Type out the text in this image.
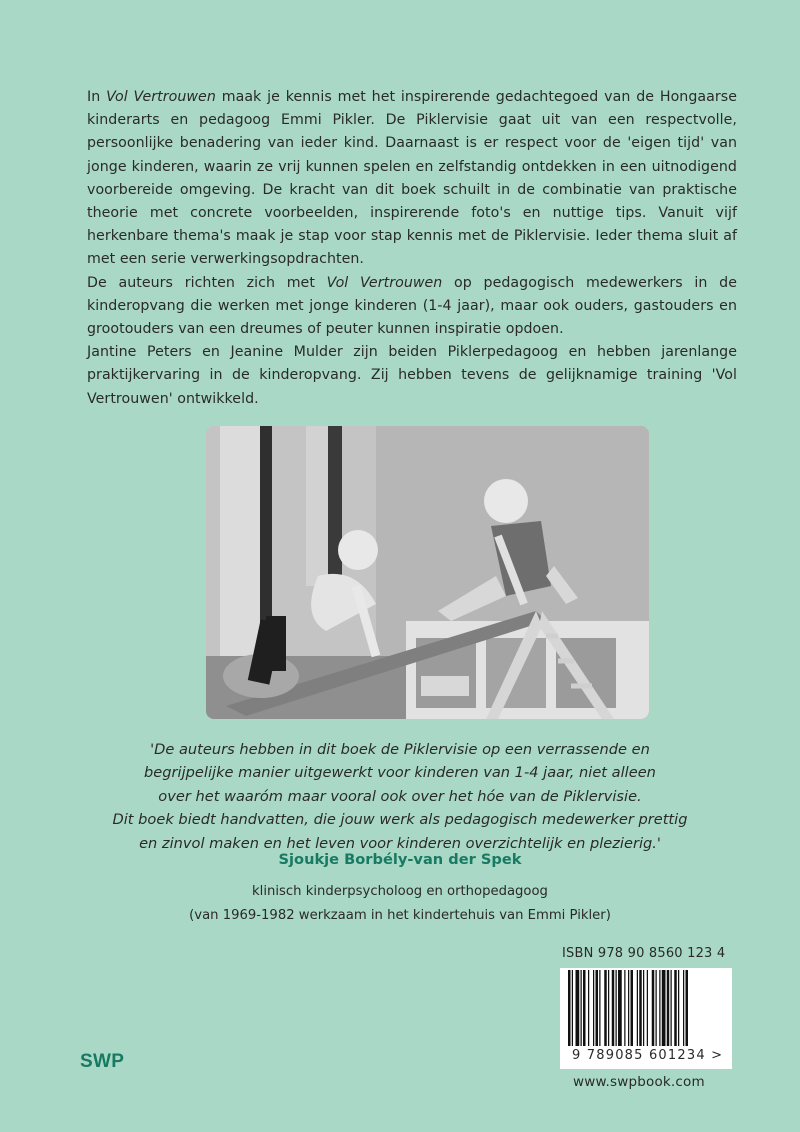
In Vol Vertrouwen maak je kennis met het inspirerende gedachtegoed van de Hongaarse kinderarts en pedagoog Emmi Pikler. De Piklervisie gaat uit van een respectvolle, persoonlijke benadering van ieder kind. Daarnaast is er respect voor de 'eigen tijd' van jonge kinderen, waarin ze vrij kunnen spelen en zelfstandig ontdekken in een uitnodigend voorbereide omgeving. De kracht van dit boek schuilt in de combinatie van praktische theorie met concrete voorbeelden, inspirerende foto's en nuttige tips. Vanuit vijf herkenbare thema's maak je stap voor stap kennis met de Piklervisie. Ieder thema sluit af met een serie verwerkingsopdrachten.

De auteurs richten zich met Vol Vertrouwen op pedagogisch medewerkers in de kinderopvang die werken met jonge kinderen (1-4 jaar), maar ook ouders, gastouders en grootouders van een dreumes of peuter kunnen inspiratie opdoen.

Jantine Peters en Jeanine Mulder zijn beiden Piklerpedagoog en hebben jarenlange praktijkervaring in de kinderopvang. Zij hebben tevens de gelijknamige training 'Vol Vertrouwen' ontwikkeld.

'De auteurs hebben in dit boek de Piklervisie op een verrassende en

begrijpelijke manier uitgewerkt voor kinderen van 1-4 jaar, niet alleen

over het waaróm maar vooral ook over het hóe van de Piklervisie.

Dit boek biedt handvatten, die jouw werk als pedagogisch medewerker prettig

en zinvol maken en het leven voor kinderen overzichtelijk en plezierig.'

Sjoukje Borbély-van der Spek

klinisch kinderpsycholoog en orthopedagoog

(van 1969-1982 werkzaam in het kindertehuis van Emmi Pikler)

ISBN 978 90 8560 123 4
9 789085 601234 >
www.swpbook.com
SWP
